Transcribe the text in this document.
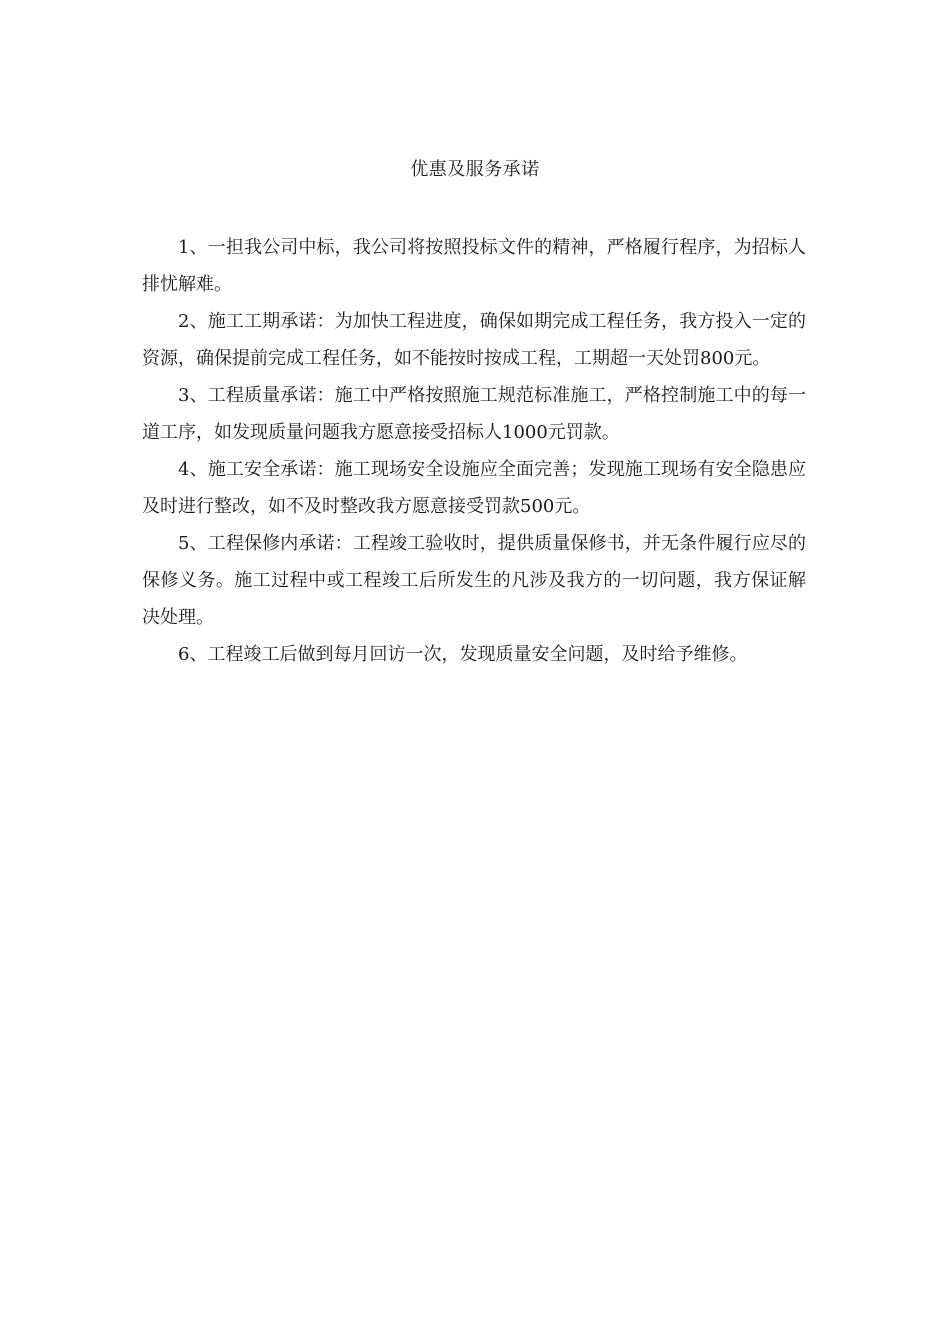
优惠及服务承诺

1、一担我公司中标，我公司将按照投标文件的精神，严格履行程序，为招标人排忧解难。

2、施工工期承诺：为加快工程进度，确保如期完成工程任务，我方投入一定的资源，确保提前完成工程任务，如不能按时按成工程，工期超一天处罚800元。

3、工程质量承诺：施工中严格按照施工规范标准施工，严格控制施工中的每一道工序，如发现质量问题我方愿意接受招标人1000元罚款。

4、施工安全承诺：施工现场安全设施应全面完善；发现施工现场有安全隐患应及时进行整改，如不及时整改我方愿意接受罚款500元。

5、工程保修内承诺：工程竣工验收时，提供质量保修书，并无条件履行应尽的保修义务。施工过程中或工程竣工后所发生的凡涉及我方的一切问题，我方保证解决处理。

6、工程竣工后做到每月回访一次，发现质量安全问题，及时给予维修。
